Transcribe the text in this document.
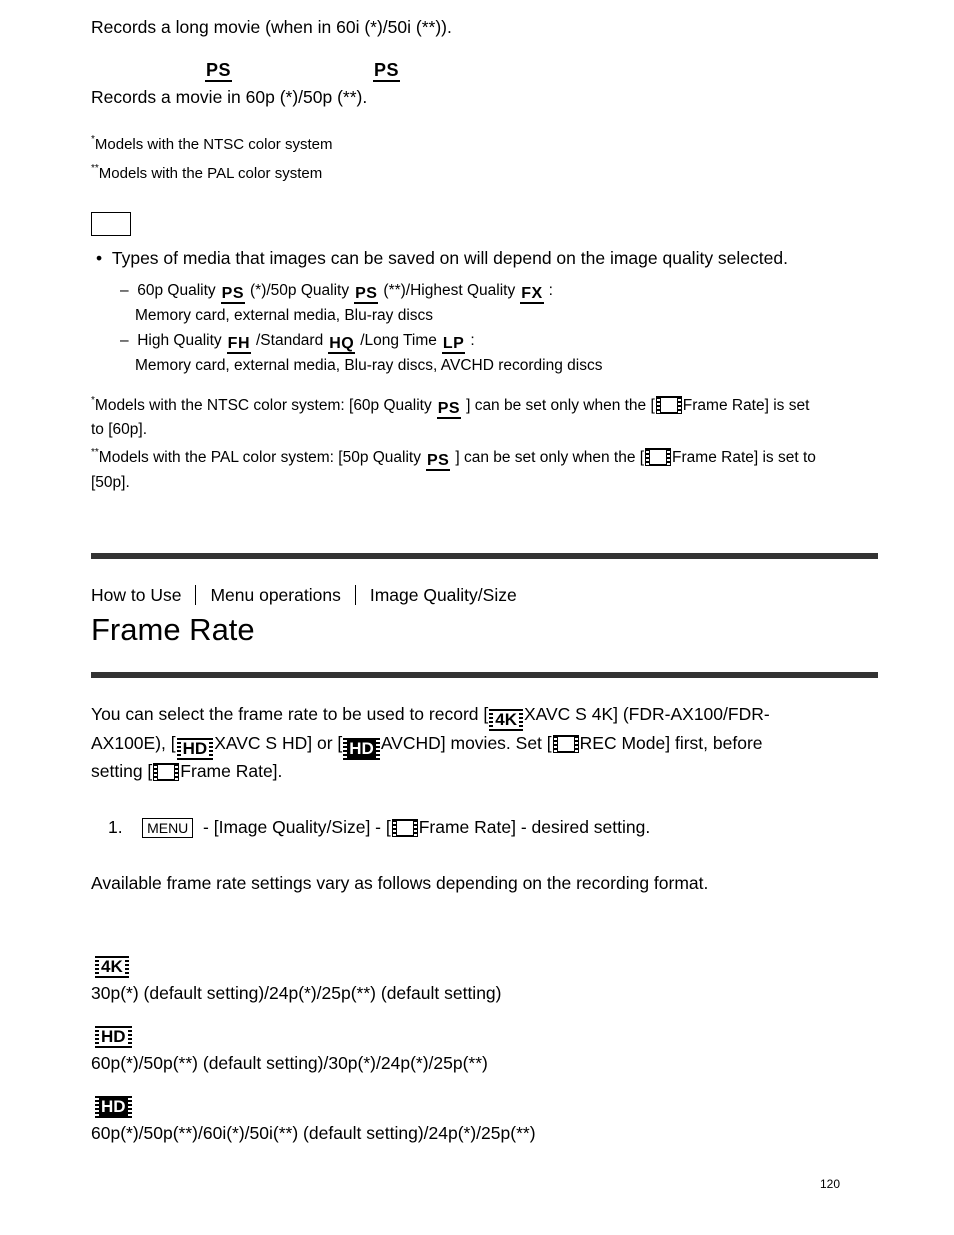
Records a long movie (when in 60i (*)/50i (**)).
PS	PS
Records a movie in 60p (*)/50p (**).
*Models with the NTSC color system
**Models with the PAL color system
•  Types of media that images can be saved on will depend on the image quality selected.
–  60p Quality PS (*)/50p Quality PS (**)/Highest Quality FX :
Memory card, external media, Blu-ray discs
–  High Quality FH /Standard HQ /Long Time LP :
Memory card, external media, Blu-ray discs, AVCHD recording discs
*Models with the NTSC color system: [60p Quality PS ] can be set only when the [ Frame Rate] is set
to [60p].
**Models with the PAL color system: [50p Quality PS ] can be set only when the [ Frame Rate] is set to
[50p].
How to Use Menu operations Image Quality/Size
Frame Rate
You can select the frame rate to be used to record [ 4K XAVC S 4K] (FDR-AX100/FDR-
AX100E), [ HD XAVC S HD] or [ HD AVCHD] movies. Set [ REC Mode] first, before
setting [ Frame Rate].
1. MENU - [Image Quality/Size] - [ Frame Rate] - desired setting.
Available frame rate settings vary as follows depending on the recording format.
4K
30p(*) (default setting)/24p(*)/25p(**) (default setting)
HD
60p(*)/50p(**) (default setting)/30p(*)/24p(*)/25p(**)
HD
60p(*)/50p(**)/60i(*)/50i(**) (default setting)/24p(*)/25p(**)
120
